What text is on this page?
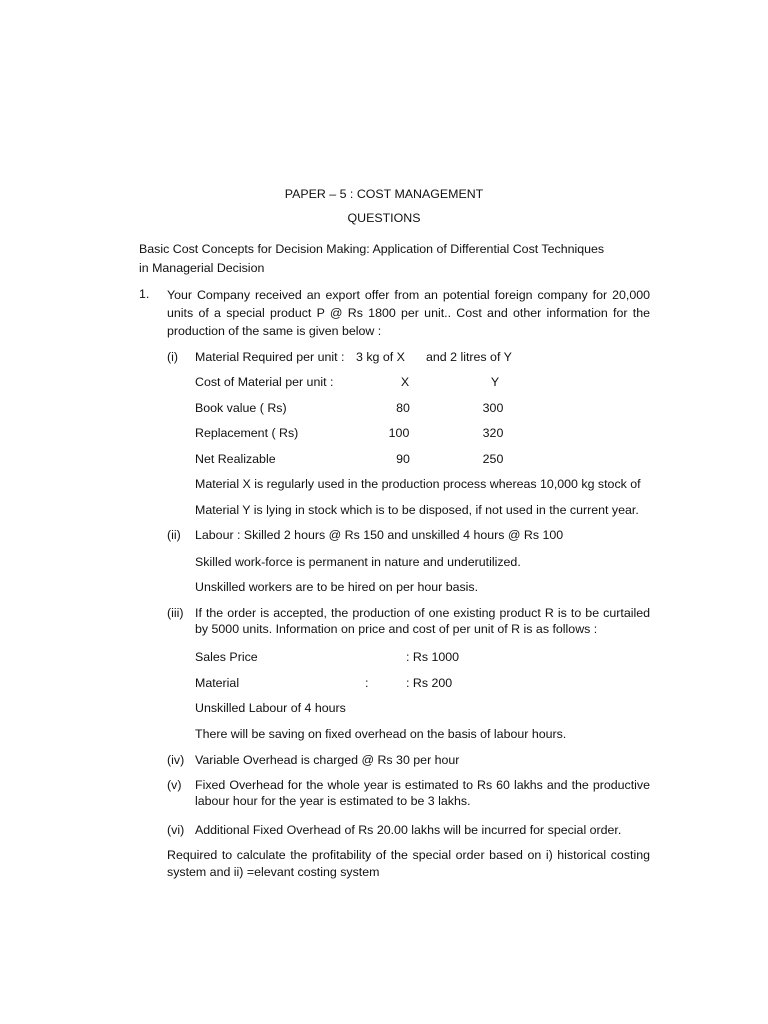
PAPER – 5 : COST MANAGEMENT
QUESTIONS
Basic Cost Concepts for Decision Making: Application of Differential Cost Techniques
in Managerial Decision
1. Your Company received an export offer from an potential foreign company for 20,000 units of a special product P @ Rs 1800 per unit.. Cost and other information for the production of the same is given below :
(i) Material Required per unit : 3 kg of X and 2 litres of Y
Cost of Material per unit :	X	Y
Book value ( Rs)	80	300
Replacement ( Rs)	100	320
Net Realizable	90	250
Material X is regularly used in the production process whereas 10,000 kg stock of
Material Y is lying in stock which is to be disposed, if not used in the current year.
(ii) Labour : Skilled 2 hours @ Rs 150 and unskilled 4 hours @ Rs 100
Skilled work-force is permanent in nature and underutilized.
Unskilled workers are to be hired on per hour basis.
(iii) If the order is accepted, the production of one existing product R is to be curtailed by 5000 units. Information on price and cost of per unit of R is as follows :
Sales Price	: Rs 1000
Material	:	: Rs 200
Unskilled Labour of 4 hours
There will be saving on fixed overhead on the basis of labour hours.
(iv) Variable Overhead is charged @ Rs 30 per hour
(v) Fixed Overhead for the whole year is estimated to Rs 60 lakhs and the productive labour hour for the year is estimated to be 3 lakhs.
(vi) Additional Fixed Overhead of Rs 20.00 lakhs will be incurred for special order.
Required to calculate the profitability of the special order based on i) historical costing system and ii) =elevant costing system
